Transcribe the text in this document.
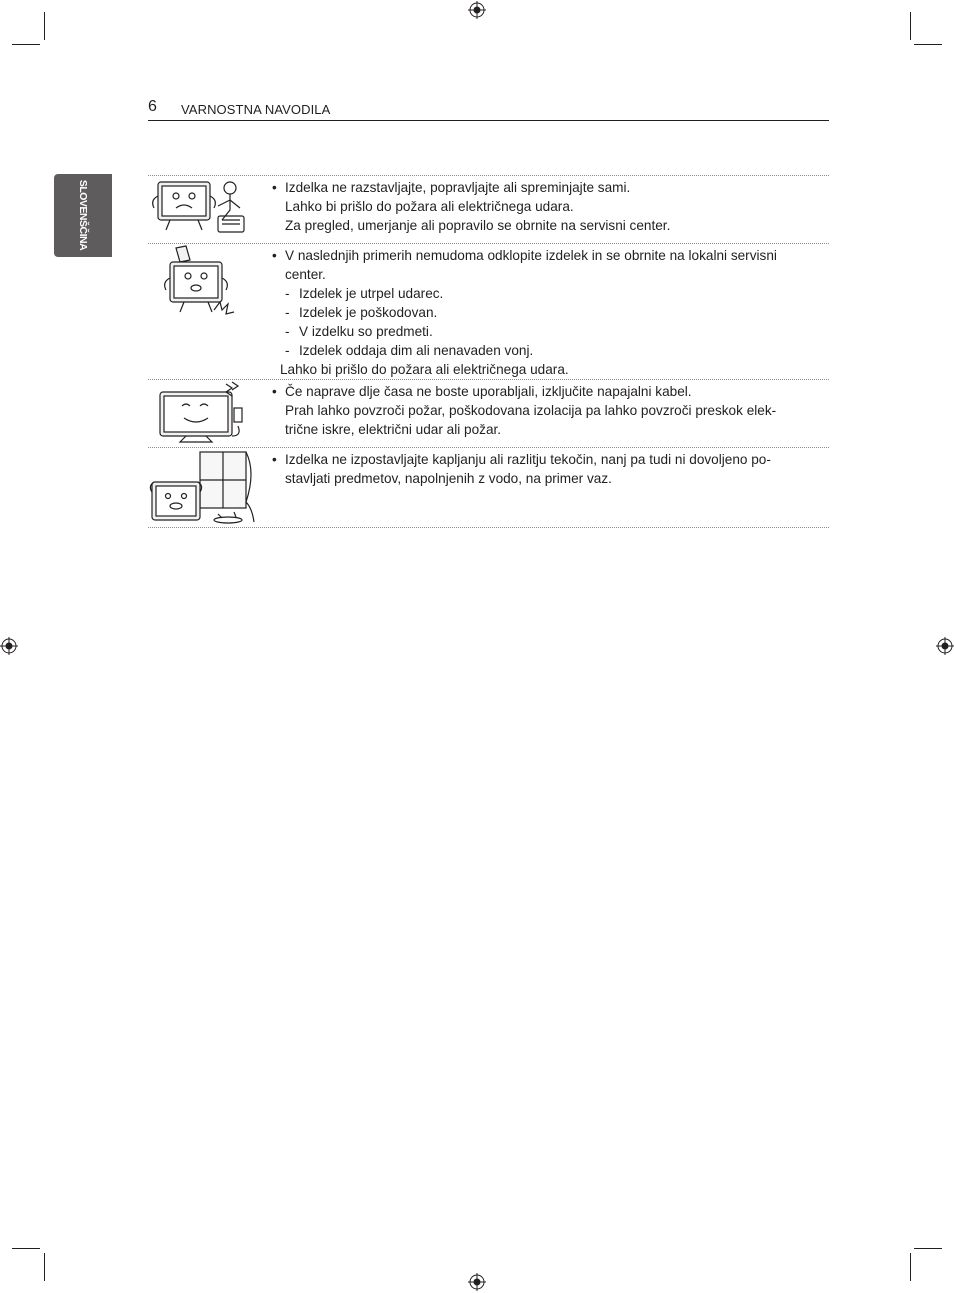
6 VARNOSTNA NAVODILA
SLOVENŠČINA	• Izdelka ne razstavljajte, popravljajte ali spreminjajte sami.
Lahko bi prišlo do požara ali električnega udara.
Za pregled, umerjanje ali popravilo se obrnite na servisni center.
• V naslednjih primerih nemudoma odklopite izdelek in se obrnite na lokalni servisni
center.
- Izdelek je utrpel udarec.
- Izdelek je poškodovan.
- V izdelku so predmeti.
- Izdelek oddaja dim ali nenavaden vonj.
Lahko bi prišlo do požara ali električnega udara.
• Če naprave dlje časa ne boste uporabljali, izključite napajalni kabel.
Prah lahko povzroči požar, poškodovana izolacija pa lahko povzroči preskok elek-
trične iskre, električni udar ali požar.
• Izdelka ne izpostavljajte kapljanju ali razlitju tekočin, nanj pa tudi ni dovoljeno po-
stavljati predmetov, napolnjenih z vodo, na primer vaz.
